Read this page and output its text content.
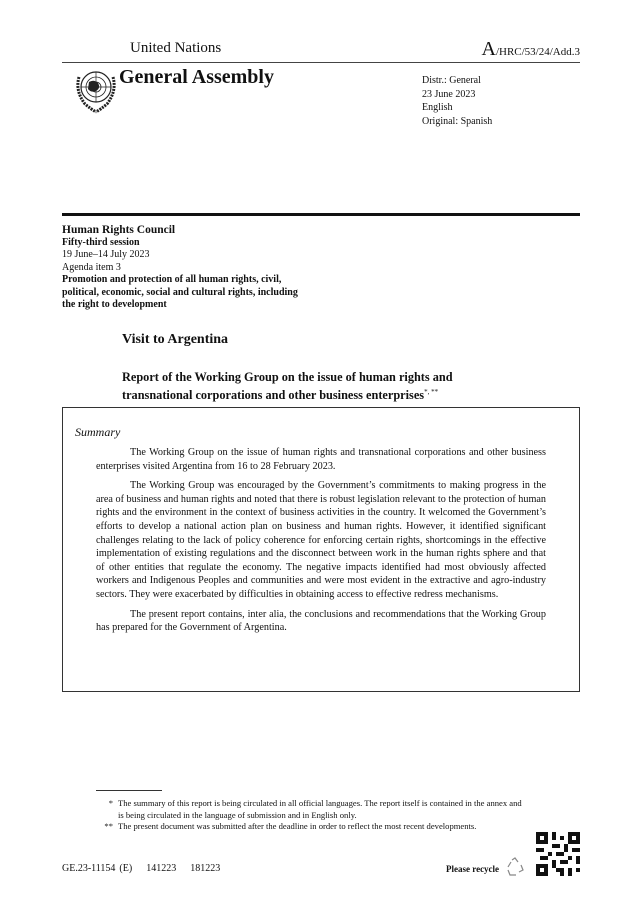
United Nations	A/HRC/53/24/Add.3
General Assembly	Distr.: General
23 June 2023
English
Original: Spanish
Human Rights Council
Fifty-third session
19 June–14 July 2023
Agenda item 3
Promotion and protection of all human rights, civil, political, economic, social and cultural rights, including the right to development
Visit to Argentina
Report of the Working Group on the issue of human rights and transnational corporations and other business enterprises*, **
Summary

The Working Group on the issue of human rights and transnational corporations and other business enterprises visited Argentina from 16 to 28 February 2023.

The Working Group was encouraged by the Government’s commitments to making progress in the area of business and human rights and noted that there is robust legislation relevant to the protection of human rights and the environment in the context of business activities in the country. It welcomed the Government’s efforts to develop a national action plan on business and human rights. However, it identified significant challenges relating to the lack of policy coherence for enforcing certain rights, shortcomings in the effective implementation of existing regulations and the disconnect between work in the human rights sphere and that of other entities that regulate the economy. The negative impacts identified had most obviously affected workers and Indigenous Peoples and communities and were most evident in the extractive and agro-industry sectors. They were exacerbated by difficulties in obtaining access to effective redress mechanisms.

The present report contains, inter alia, the conclusions and recommendations that the Working Group has prepared for the Government of Argentina.

* The summary of this report is being circulated in all official languages. The report itself is contained in the annex and is being circulated in the language of submission and in English only.
** The present document was submitted after the deadline in order to reflect the most recent developments.
GE.23-11154 (E) 141223 181223	Please recycle
